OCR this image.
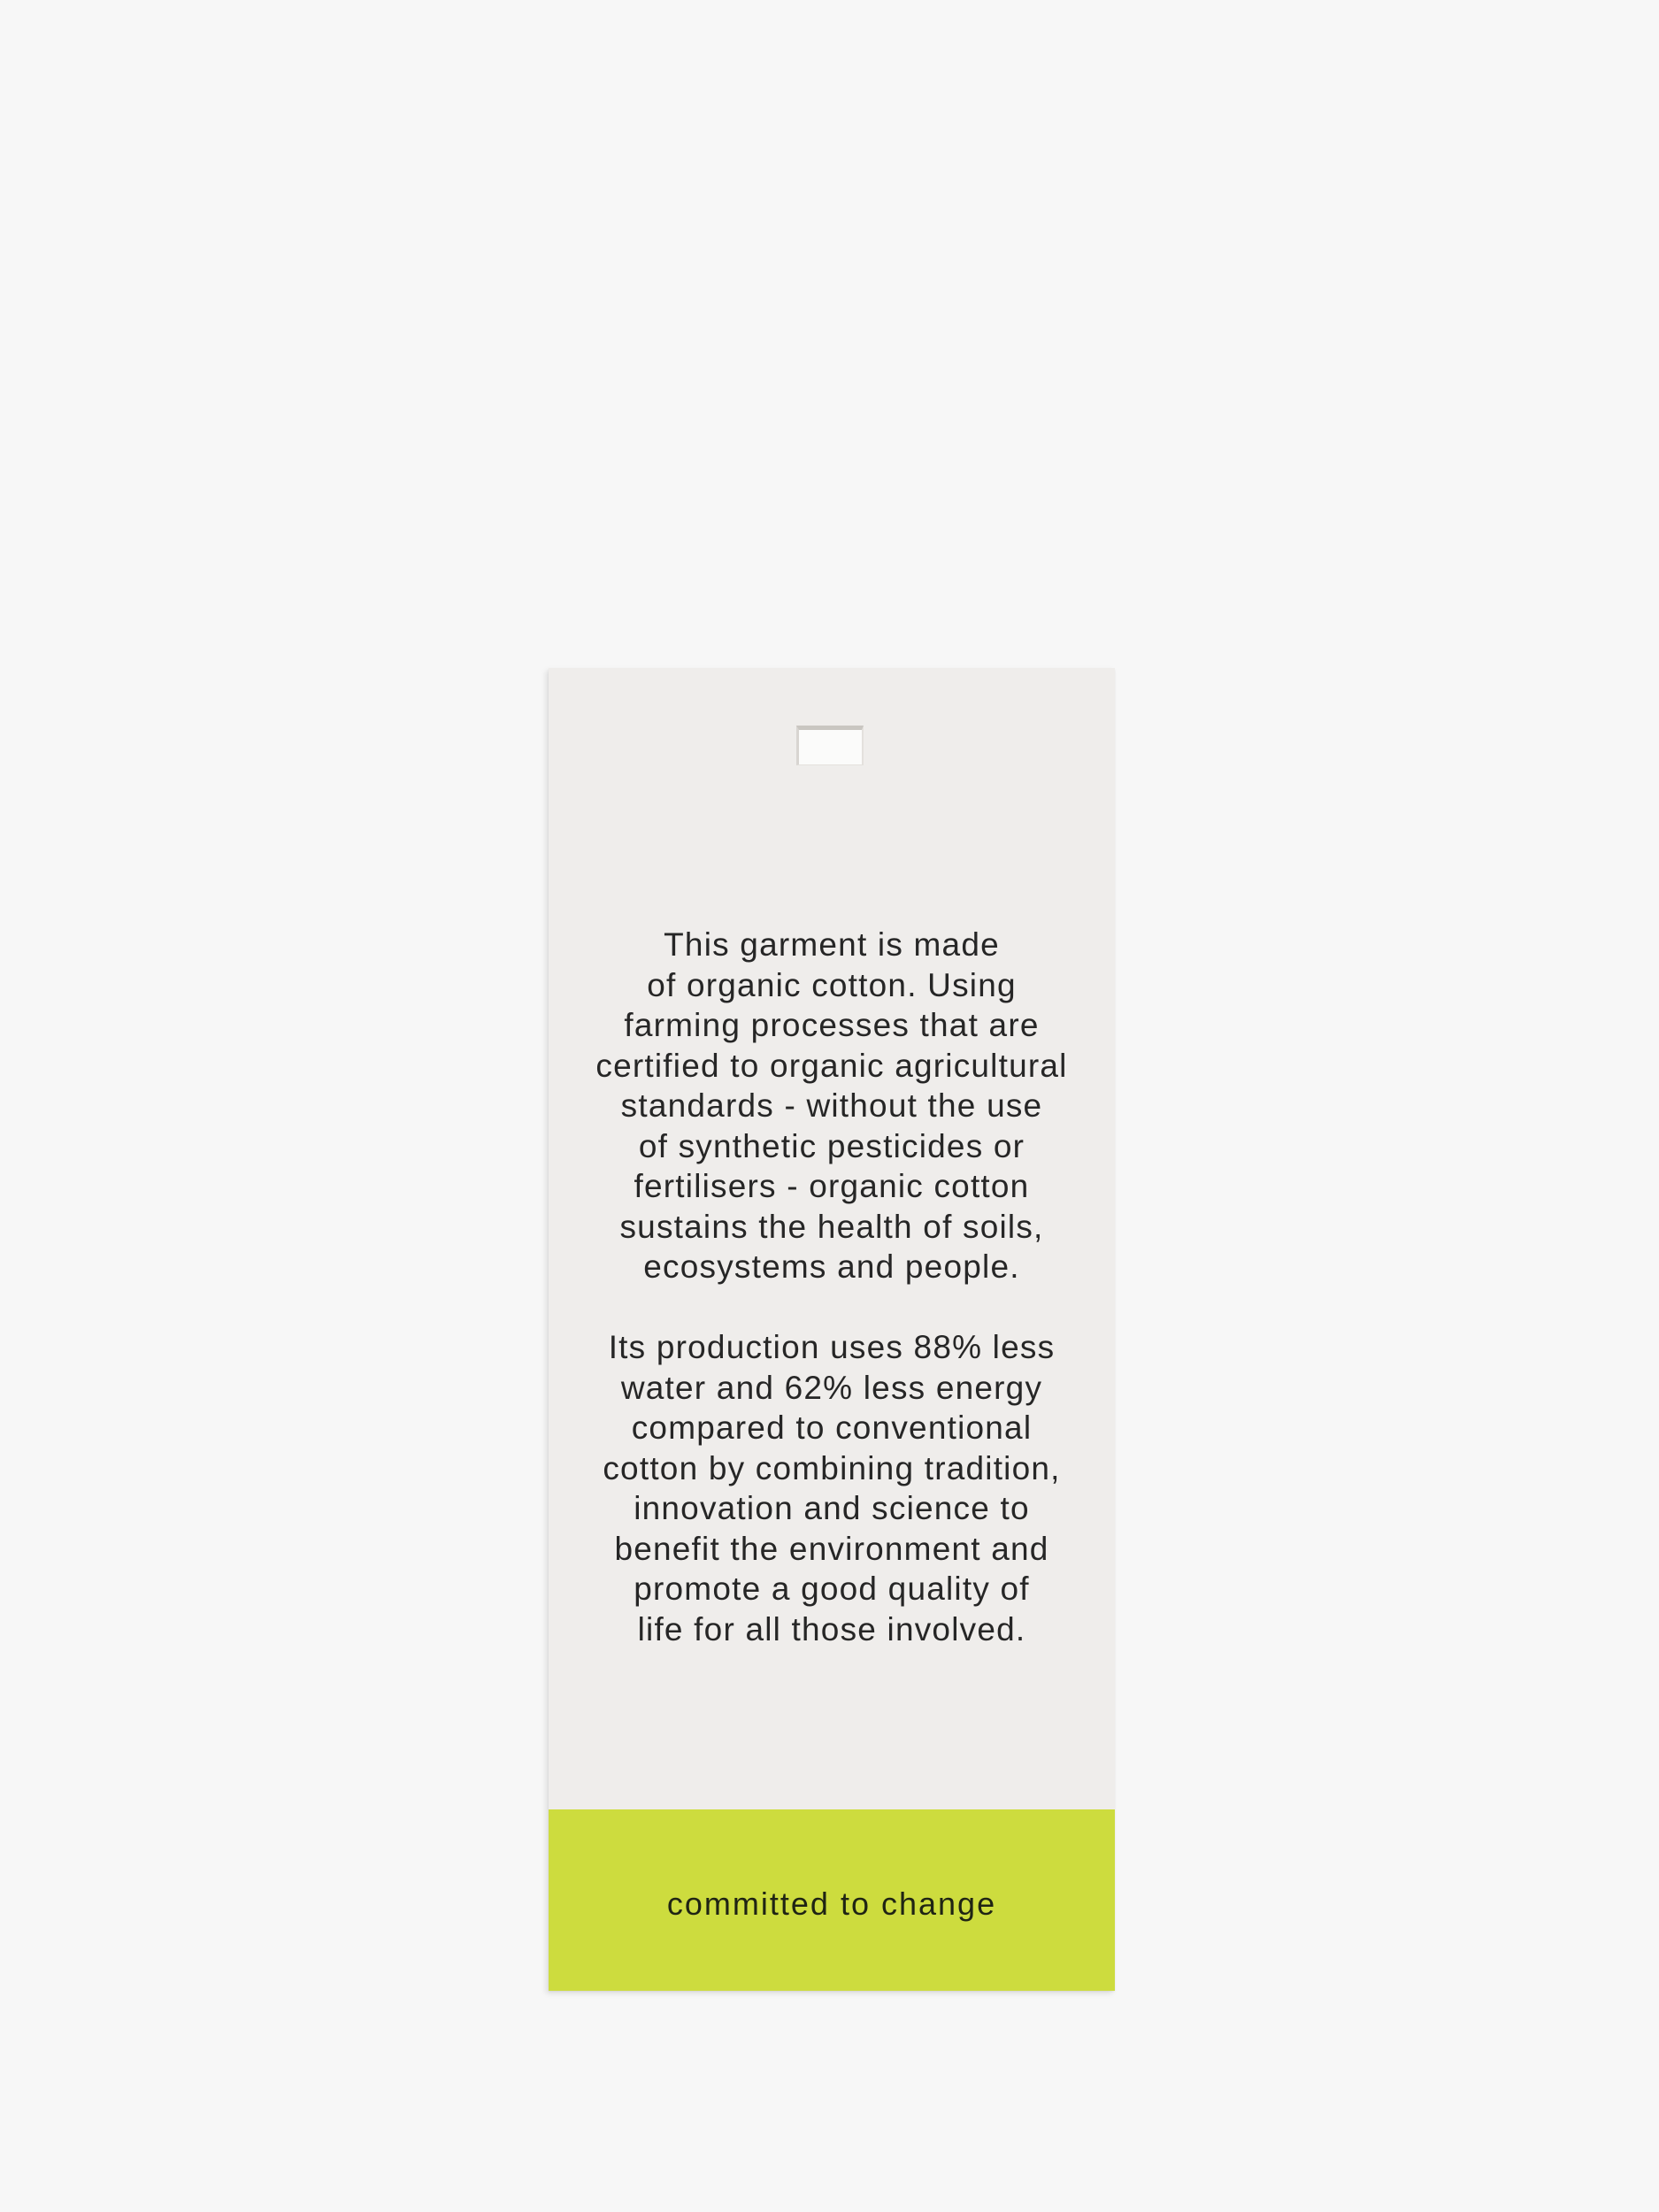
This garment is made
of organic cotton. Using
farming processes that are
certified to organic agricultural
standards - without the use
of synthetic pesticides or
fertilisers - organic cotton
sustains the health of soils,
ecosystems and people.

Its production uses 88% less
water and 62% less energy
compared to conventional
cotton by combining tradition,
innovation and science to
benefit the environment and
promote a good quality of
life for all those involved.

committed to change
